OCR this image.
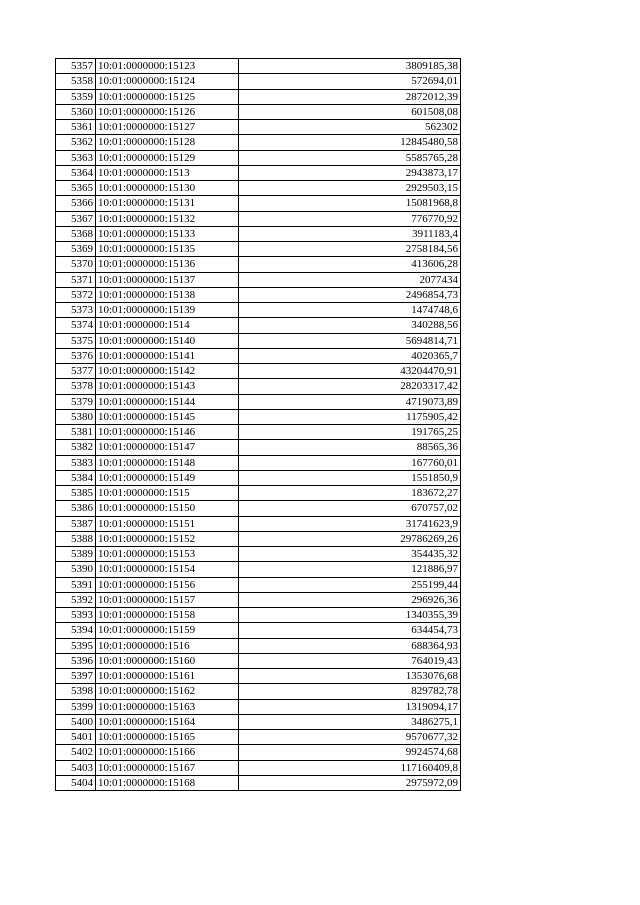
5357	10:01:0000000:15123	3809185,38
5358	10:01:0000000:15124	572694,01
5359	10:01:0000000:15125	2872012,39
5360	10:01:0000000:15126	601508,08
5361	10:01:0000000:15127	562302
5362	10:01:0000000:15128	12845480,58
5363	10:01:0000000:15129	5585765,28
5364	10:01:0000000:1513	2943873,17
5365	10:01:0000000:15130	2929503,15
5366	10:01:0000000:15131	15081968,8
5367	10:01:0000000:15132	776770,92
5368	10:01:0000000:15133	3911183,4
5369	10:01:0000000:15135	2758184,56
5370	10:01:0000000:15136	413606,28
5371	10:01:0000000:15137	2077434
5372	10:01:0000000:15138	2496854,73
5373	10:01:0000000:15139	1474748,6
5374	10:01:0000000:1514	340288,56
5375	10:01:0000000:15140	5694814,71
5376	10:01:0000000:15141	4020365,7
5377	10:01:0000000:15142	43204470,91
5378	10:01:0000000:15143	28203317,42
5379	10:01:0000000:15144	4719073,89
5380	10:01:0000000:15145	1175905,42
5381	10:01:0000000:15146	191765,25
5382	10:01:0000000:15147	88565,36
5383	10:01:0000000:15148	167760,01
5384	10:01:0000000:15149	1551850,9
5385	10:01:0000000:1515	183672,27
5386	10:01:0000000:15150	670757,02
5387	10:01:0000000:15151	31741623,9
5388	10:01:0000000:15152	29786269,26
5389	10:01:0000000:15153	354435,32
5390	10:01:0000000:15154	121886,97
5391	10:01:0000000:15156	255199,44
5392	10:01:0000000:15157	296926,36
5393	10:01:0000000:15158	1340355,39
5394	10:01:0000000:15159	634454,73
5395	10:01:0000000:1516	688364,93
5396	10:01:0000000:15160	764019,43
5397	10:01:0000000:15161	1353076,68
5398	10:01:0000000:15162	829782,78
5399	10:01:0000000:15163	1319094,17
5400	10:01:0000000:15164	3486275,1
5401	10:01:0000000:15165	9570677,32
5402	10:01:0000000:15166	9924574,68
5403	10:01:0000000:15167	117160409,8
5404	10:01:0000000:15168	2975972,09
